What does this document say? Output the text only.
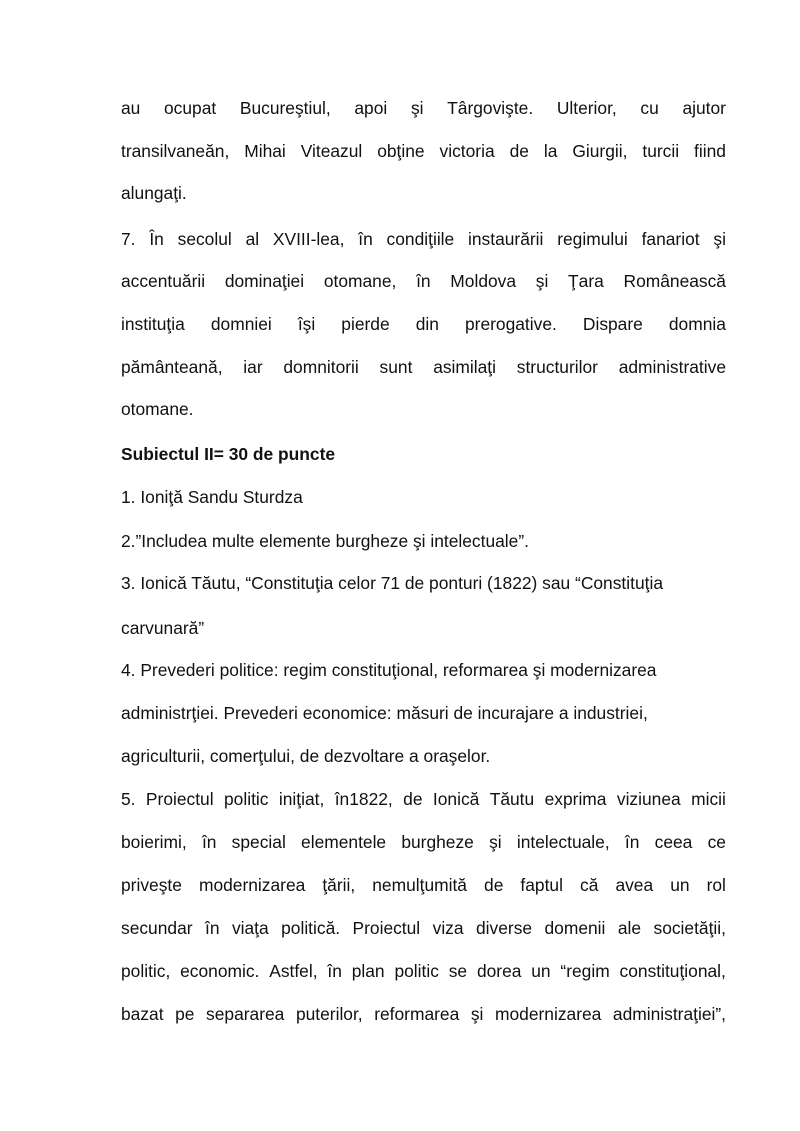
au ocupat Bucureştiul, apoi şi Târgovişte. Ulterior, cu ajutor
transilvaneăn, Mihai Viteazul obţine victoria de la Giurgii, turcii fiind
alungaţi.
7. În secolul al XVIII-lea, în condiţiile instaurării regimului fanariot şi
accentuării dominaţiei otomane, în Moldova şi Ţara Românească
instituţia domniei îşi pierde din prerogative. Dispare domnia
pământeană, iar domnitorii sunt asimilaţi structurilor administrative
otomane.
Subiectul II= 30 de puncte
1. Ioniţă Sandu Sturdza
2.”Includea multe elemente burgheze şi intelectuale”.
3. Ionică Tăutu, “Constituţia celor 71 de ponturi (1822) sau “Constituţia
carvunară”
4. Prevederi politice: regim constituţional, reformarea şi modernizarea
administrţiei. Prevederi economice: măsuri de incurajare a industriei,
agriculturii, comerţului, de dezvoltare a oraşelor.
5. Proiectul politic iniţiat, în1822, de Ionică Tăutu exprima viziunea micii
boierimi, în special elementele burgheze şi intelectuale, în ceea ce
priveşte modernizarea ţării, nemulţumită de faptul că avea un rol
secundar în viaţa politică. Proiectul viza diverse domenii ale societăţii,
politic, economic. Astfel, în plan politic se dorea un “regim constituţional,
bazat pe separarea puterilor, reformarea şi modernizarea administraţiei”,
